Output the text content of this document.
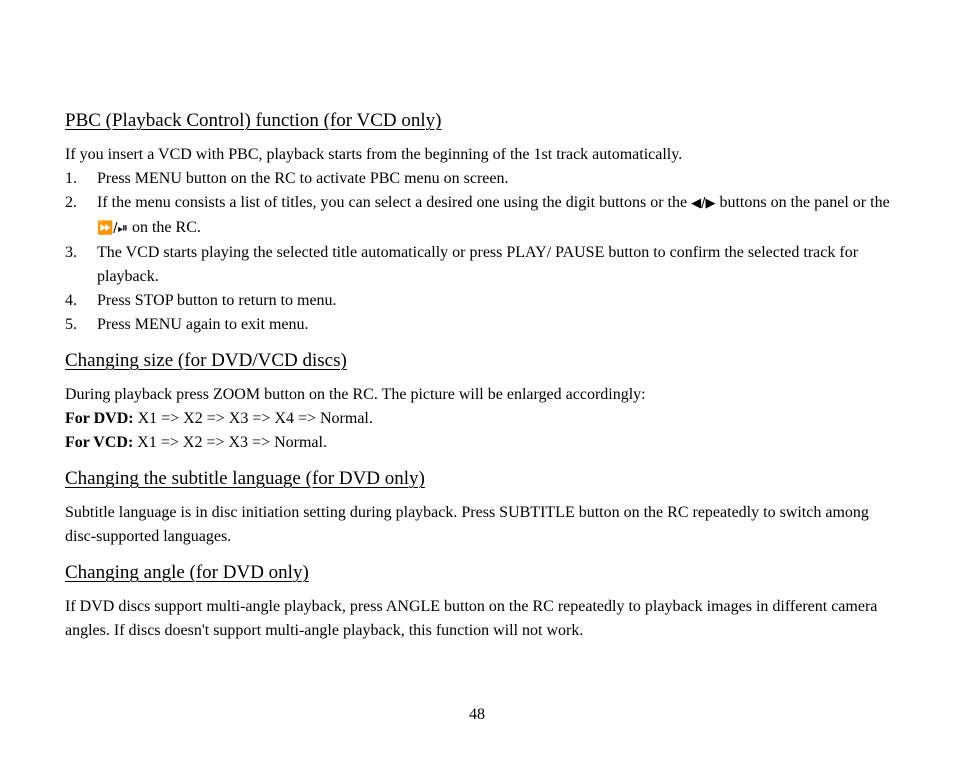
PBC (Playback Control) function (for VCD only)

If you insert a VCD with PBC, playback starts from the beginning of the 1st track automatically.

1. Press MENU button on the RC to activate PBC menu on screen.
2. If the menu consists a list of titles, you can select a desired one using the digit buttons or the ◀/▶ buttons on the panel or the ⏩/⏯ on the RC.
3. The VCD starts playing the selected title automatically or press PLAY/ PAUSE button to confirm the selected track for playback.
4. Press STOP button to return to menu.
5. Press MENU again to exit menu.
Changing size (for DVD/VCD discs)

During playback press ZOOM button on the RC. The picture will be enlarged accordingly:

For DVD: X1 => X2 => X3 => X4 => Normal.

For VCD: X1 => X2 => X3 => Normal.

Changing the subtitle language (for DVD only)

Subtitle language is in disc initiation setting during playback. Press SUBTITLE button on the RC repeatedly to switch among disc-supported languages.

Changing angle (for DVD only)

If DVD discs support multi-angle playback, press ANGLE button on the RC repeatedly to playback images in different camera angles. If discs doesn't support multi-angle playback, this function will not work.

48
